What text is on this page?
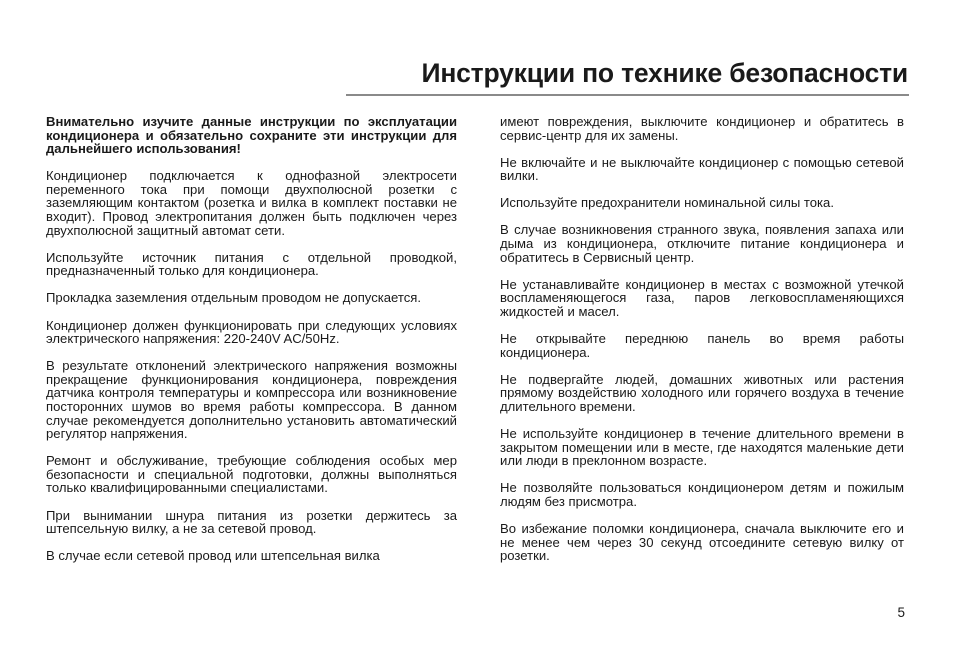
Инструкции по технике безопасности

Внимательно изучите данные инструкции по эксплуатации кондиционера и обязательно сохраните эти инструкции для дальнейшего использования!

Кондиционер подключается к однофазной электросети переменного тока при помощи двухполюсной розетки с заземляющим контактом (розетка и вилка в комплект поставки не входит). Провод электропитания должен быть подключен через двухполюсной защитный автомат сети.

Используйте источник питания с отдельной проводкой, предназначенный только для кондиционера.

Прокладка заземления отдельным проводом не допускается.

Кондиционер должен функционировать при следующих условиях электрического напряжения: 220-240V AC/50Hz.

В результате отклонений электрического напряжения возможны прекращение функционирования кондиционера, повреждения датчика контроля температуры и компрессора или возникновение посторонних шумов во время работы компрессора. В данном случае рекомендуется дополнительно установить автоматический регулятор напряжения.

Ремонт и обслуживание, требующие соблюдения особых мер безопасности и специальной подготовки, должны выполняться только квалифицированными специалистами.

При вынимании шнура питания из розетки держитесь за штепсельную вилку, а не за сетевой провод.

В случае если сетевой провод или штепсельная вилка

имеют повреждения, выключите кондиционер и обратитесь в сервис-центр для их замены.

Не включайте и не выключайте кондиционер с помощью сетевой вилки.

Используйте предохранители номинальной силы тока.

В случае возникновения странного звука, появления запаха или дыма из кондиционера, отключите питание кондиционера и обратитесь в Сервисный центр.

Не устанавливайте кондиционер в местах с возможной утечкой воспламеняющегося газа, паров легковоспламеняющихся жидкостей и масел.

Не открывайте переднюю панель во время работы кондиционера.

Не подвергайте людей, домашних животных или растения прямому воздействию холодного или горячего воздуха в течение длительного времени.

Не используйте кондиционер в течение длительного времени в закрытом помещении или в месте, где находятся маленькие дети или люди в преклонном возрасте.

Не позволяйте пользоваться кондиционером детям и пожилым людям без присмотра.

Во избежание поломки кондиционера, сначала выключите его и не менее чем через 30 секунд отсоедините сетевую вилку от розетки.

5
